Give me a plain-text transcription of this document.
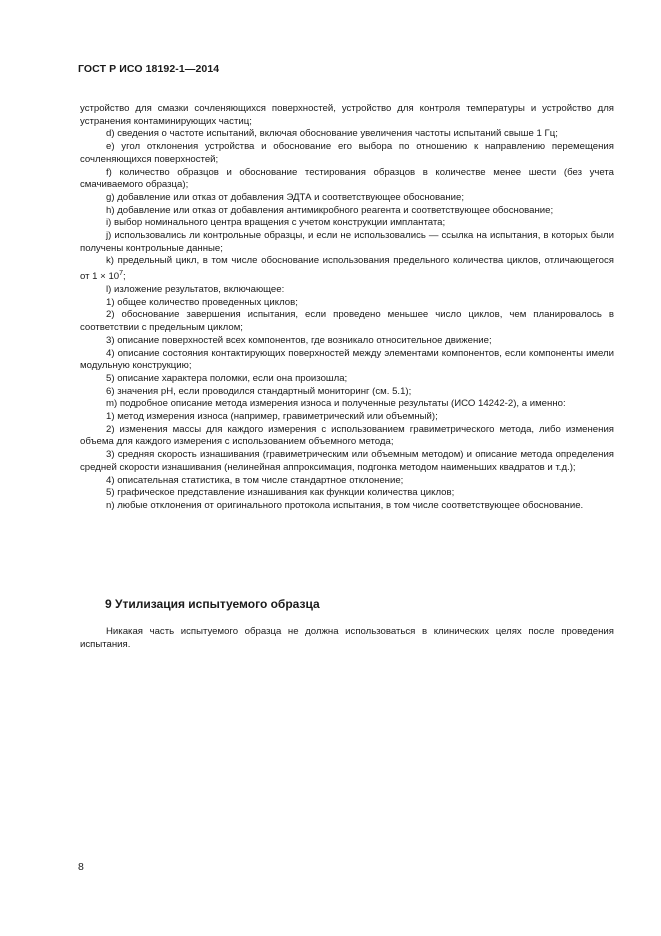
ГОСТ Р ИСО 18192-1—2014

устройство для смазки сочленяющихся поверхностей, устройство для контроля температуры и устройство для устранения контаминирующих частиц;

d) сведения о частоте испытаний, включая обоснование увеличения частоты испытаний свыше 1 Гц;

e) угол отклонения устройства и обоснование его выбора по отношению к направлению перемещения сочленяющихся поверхностей;

f) количество образцов и обоснование тестирования образцов в количестве менее шести (без учета смачиваемого образца);

g) добавление или отказ от добавления ЭДТА и соответствующее обоснование;

h) добавление или отказ от добавления антимикробного реагента и соответствующее обоснование;

i) выбор номинального центра вращения с учетом конструкции имплантата;

j) использовались ли контрольные образцы, и если не использовались — ссылка на испытания, в которых были получены контрольные данные;

k) предельный цикл, в том числе обоснование использования предельного количества циклов, отличающегося от $1 \times 10^7$;

l) изложение результатов, включающее:

1) общее количество проведенных циклов;

2) обоснование завершения испытания, если проведено меньшее число циклов, чем планировалось в соответствии с предельным циклом;

3) описание поверхностей всех компонентов, где возникало относительное движение;

4) описание состояния контактирующих поверхностей между элементами компонентов, если компоненты имели модульную конструкцию;

5) описание характера поломки, если она произошла;

6) значения pH, если проводился стандартный мониторинг (см. 5.1);

m) подробное описание метода измерения износа и полученные результаты (ИСО 14242-2), а именно:

1) метод измерения износа (например, гравиметрический или объемный);

2) изменения массы для каждого измерения с использованием гравиметрического метода, либо изменения объема для каждого измерения с использованием объемного метода;

3) средняя скорость изнашивания (гравиметрическим или объемным методом) и описание метода определения средней скорости изнашивания (нелинейная аппроксимация, подгонка методом наименьших квадратов и т.д.);

4) описательная статистика, в том числе стандартное отклонение;

5) графическое представление изнашивания как функции количества циклов;

n) любые отклонения от оригинального протокола испытания, в том числе соответствующее обоснование.

9 Утилизация испытуемого образца

Никакая часть испытуемого образца не должна использоваться в клинических целях после проведения испытания.

8
